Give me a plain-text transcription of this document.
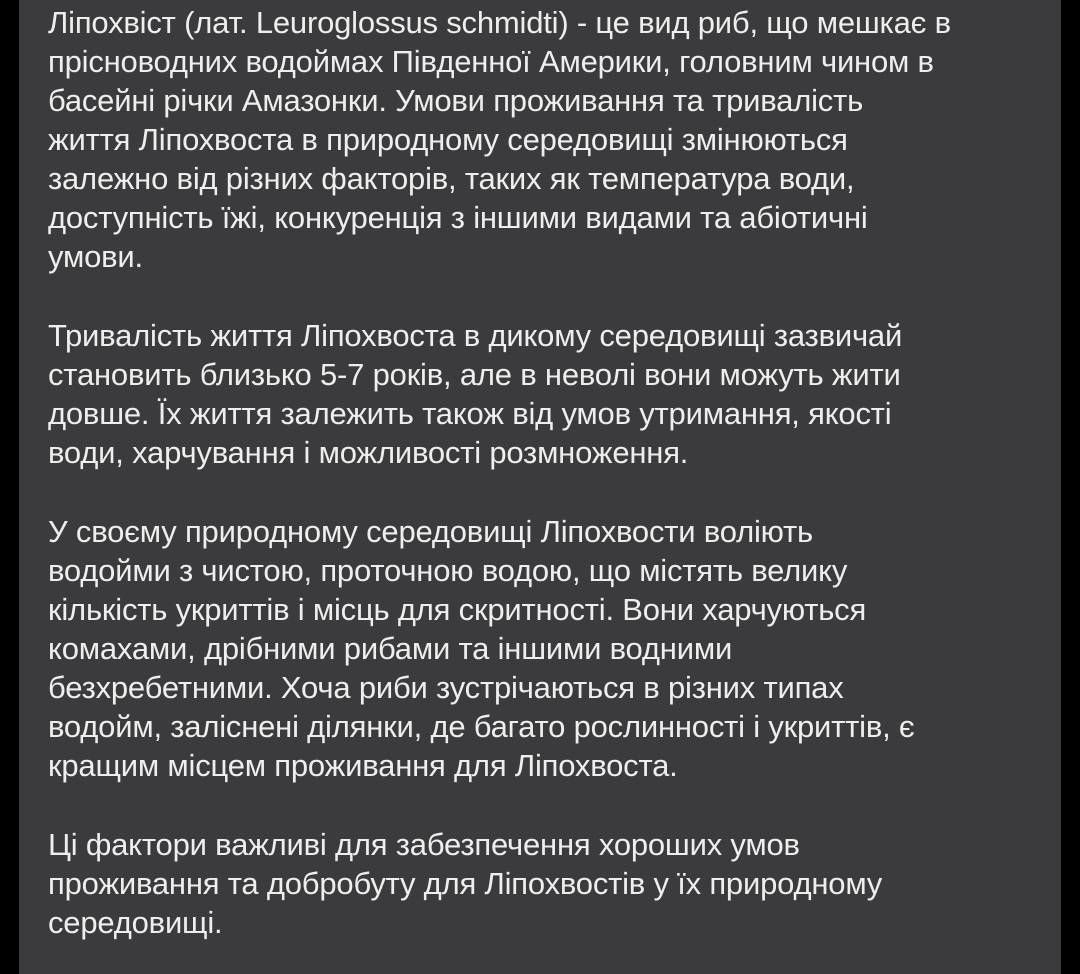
Ліпохвіст (лат. Leuroglossus schmidti) - це вид риб, що мешкає в
прісноводних водоймах Південної Америки, головним чином в
басейні річки Амазонки. Умови проживання та тривалість
життя Ліпохвоста в природному середовищі змінюються
залежно від різних факторів, таких як температура води,
доступність їжі, конкуренція з іншими видами та абіотичні
умови.

Тривалість життя Ліпохвоста в дикому середовищі зазвичай
становить близько 5-7 років, але в неволі вони можуть жити
довше. Їх життя залежить також від умов утримання, якості
води, харчування і можливості розмноження.

У своєму природному середовищі Ліпохвости воліють
водойми з чистою, проточною водою, що містять велику
кількість укриттів і місць для скритності. Вони харчуються
комахами, дрібними рибами та іншими водними
безхребетними. Хоча риби зустрічаються в різних типах
водойм, заліснені ділянки, де багато рослинності і укриттів, є
кращим місцем проживання для Ліпохвоста.

Ці фактори важливі для забезпечення хороших умов
проживання та добробуту для Ліпохвостів у їх природному
середовищі.
